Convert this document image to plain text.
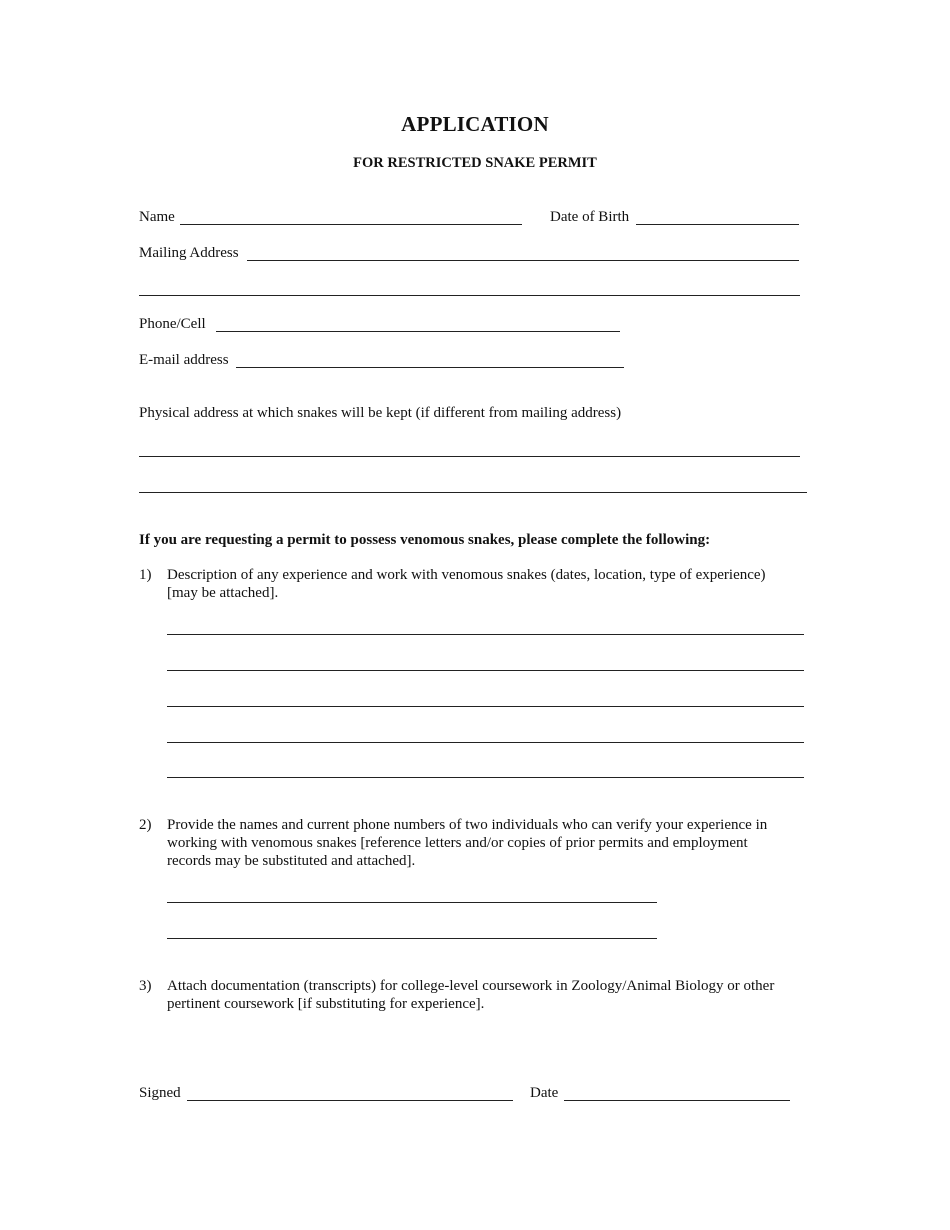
APPLICATION
FOR RESTRICTED SNAKE PERMIT
Name	Date of Birth
Mailing Address
Phone/Cell
E-mail address
Physical address at which snakes will be kept (if different from mailing address)
If you are requesting a permit to possess venomous snakes, please complete the following:
1) Description of any experience and work with venomous snakes (dates, location, type of experience)
[may be attached].
2) Provide the names and current phone numbers of two individuals who can verify your experience in
working with venomous snakes [reference letters and/or copies of prior permits and employment
records may be substituted and attached].
3) Attach documentation (transcripts) for college-level coursework in Zoology/Animal Biology or other
pertinent coursework [if substituting for experience].
Signed	Date
